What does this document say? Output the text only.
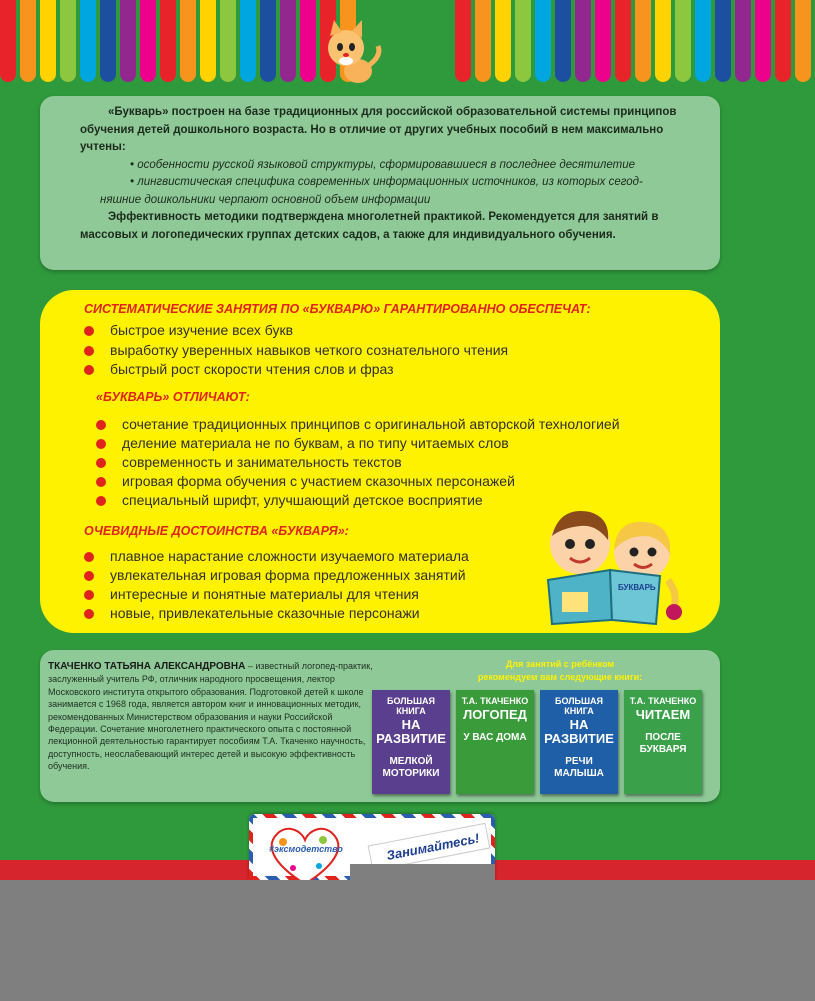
«Букварь» построен на базе традиционных для российской образовательной системы принципов обучения детей дошкольного возраста. Но в отличие от других учебных пособий в нем максимально учтены:

• особенности русской языковой структуры, сформировавшиеся в последнее десятилетие

• лингвистическая специфика современных информационных источников, из которых сегод-

няшние дошкольники черпают основной объем информации

Эффективность методики подтверждена многолетней практикой. Рекомендуется для занятий в массовых и логопедических группах детских садов, а также для индивидуального обучения.

СИСТЕМАТИЧЕСКИЕ ЗАНЯТИЯ ПО «БУКВАРЮ» ГАРАНТИРОВАННО ОБЕСПЕЧАТ:
быстрое изучение всех букв
выработку уверенных навыков четкого сознательного чтения
быстрый рост скорости чтения слов и фраз
«БУКВАРЬ» ОТЛИЧАЮТ:
сочетание традиционных принципов с оригинальной авторской технологией
деление материала не по буквам, а по типу читаемых слов
современность и занимательность текстов
игровая форма обучения с участием сказочных персонажей
специальный шрифт, улучшающий детское восприятие
ОЧЕВИДНЫЕ ДОСТОИНСТВА «БУКВАРЯ»:
плавное нарастание сложности изучаемого материала
увлекательная игровая форма предложенных занятий
интересные и понятные материалы для чтения
новые, привлекательные сказочные персонажи
БУКВАРЬ
ТКАЧЕНКО ТАТЬЯНА АЛЕКСАНДРОВНА – известный логопед-практик, заслуженный учитель РФ, отличник народного просвещения, лектор Московского института открытого образования. Подготовкой детей к школе занимается с 1968 года, является автором книг и инновационных методик, рекомендованных Министерством образования и науки Российской Федерации. Сочетание многолетнего практического опыта с постоянной лекционной деятельностью гарантирует пособиям Т.А. Ткаченко научность, доступность, неослабевающий интерес детей и высокую эффективность обучения.
Для занятий с ребёнком
рекомендуем вам следующие книги:
БОЛЬШАЯ КНИГА
НА РАЗВИТИЕ
МЕЛКОЙ МОТОРИКИ
Т.А. ТКАЧЕНКО
ЛОГОПЕД
У ВАС ДОМА
БОЛЬШАЯ КНИГА
НА РАЗВИТИЕ
РЕЧИ МАЛЫША
Т.А. ТКАЧЕНКО
ЧИТАЕМ
ПОСЛЕ БУКВАРЯ
#эксмодетство	Занимайтесь!
